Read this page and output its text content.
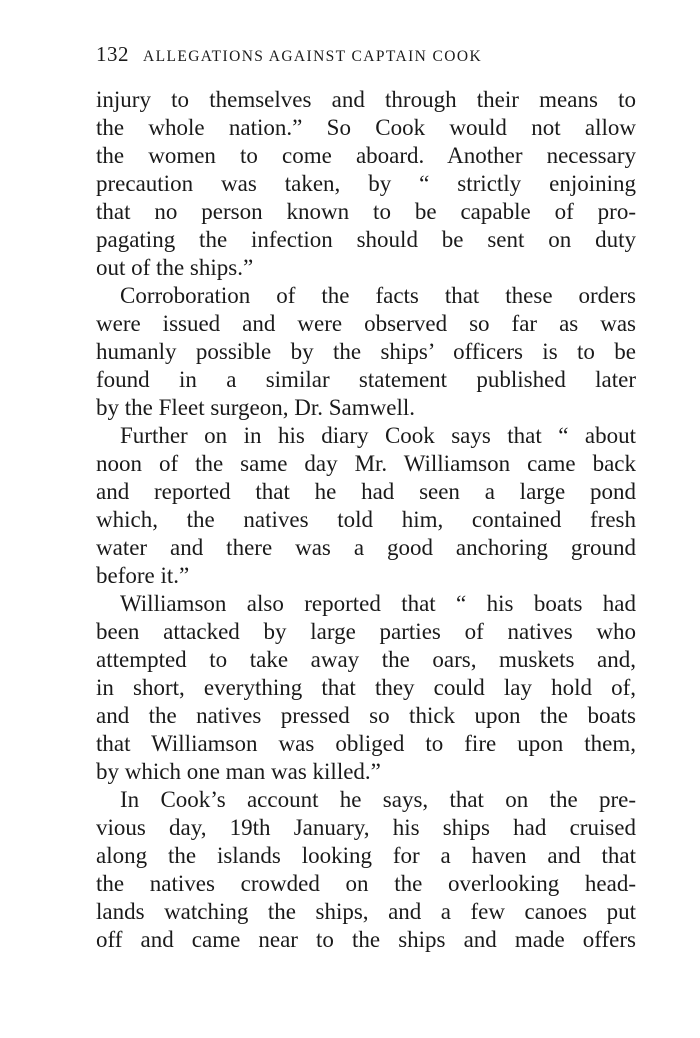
132 ALLEGATIONS AGAINST CAPTAIN COOK
injury to themselves and through their means to
the whole nation.” So Cook would not allow
the women to come aboard. Another necessary
precaution was taken, by “ strictly enjoining
that no person known to be capable of pro-
pagating the infection should be sent on duty
out of the ships.”
Corroboration of the facts that these orders
were issued and were observed so far as was
humanly possible by the ships’ officers is to be
found in a similar statement published later
by the Fleet surgeon, Dr. Samwell.
Further on in his diary Cook says that “ about
noon of the same day Mr. Williamson came back
and reported that he had seen a large pond
which, the natives told him, contained fresh
water and there was a good anchoring ground
before it.”
Williamson also reported that “ his boats had
been attacked by large parties of natives who
attempted to take away the oars, muskets and,
in short, everything that they could lay hold of,
and the natives pressed so thick upon the boats
that Williamson was obliged to fire upon them,
by which one man was killed.”
In Cook’s account he says, that on the pre-
vious day, 19th January, his ships had cruised
along the islands looking for a haven and that
the natives crowded on the overlooking head-
lands watching the ships, and a few canoes put
off and came near to the ships and made offers
